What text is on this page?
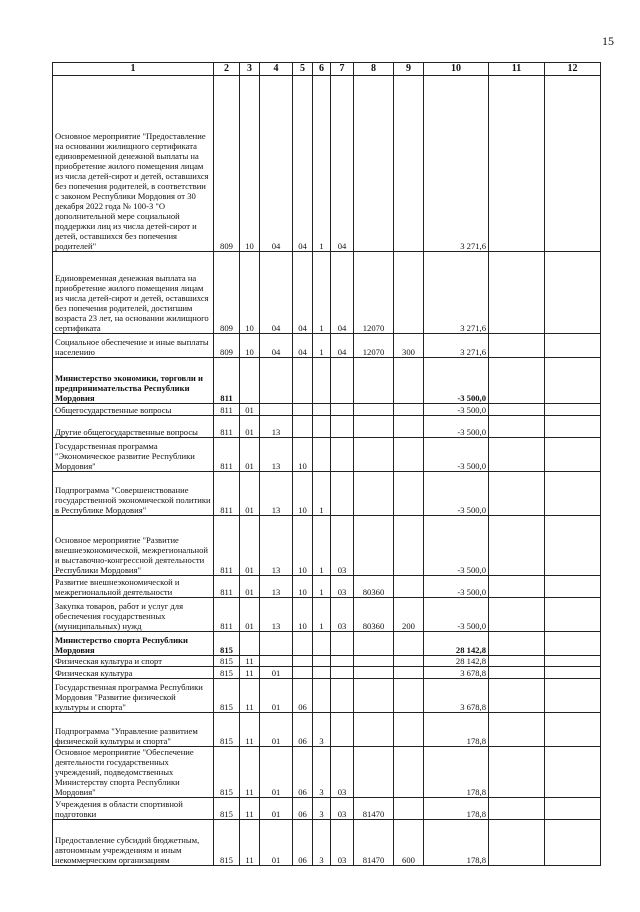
15
1	2	3	4	5	6	7	8	9	10	11	12
Основное мероприятие "Предоставление на основании жилищного сертификата единовременной денежной выплаты на приобретение жилого помещения лицам из числа детей-сирот и детей, оставшихся без попечения родителей, в соответствии с законом Республики Мордовия от 30 декабря 2022 года № 100-З "О дополнительной мере социальной поддержки лиц из числа детей-сирот и детей, оставшихся без попечения родителей"	809	10	04	04	1	04			3 271,6		
Единовременная денежная выплата на приобретение жилого помещения лицам из числа детей-сирот и детей, оставшихся без попечения родителей, достигшим возраста 23 лет, на основании жилищного сертификата	809	10	04	04	1	04	12070		3 271,6		
Социальное обеспечение и иные выплаты населению	809	10	04	04	1	04	12070	300	3 271,6		
Министерство экономики, торговли и предпринимательства Республики Мордовия	811								-3 500,0		
Общегосударственные вопросы	811	01							-3 500,0		
Другие общегосударственные вопросы	811	01	13						-3 500,0		
Государственная программа "Экономическое развитие Республики Мордовия"	811	01	13	10					-3 500,0		
Подпрограмма "Совершенствование государственной экономической политики в Республике Мордовия"	811	01	13	10	1				-3 500,0		
Основное мероприятие "Развитие внешнеэкономической, межрегиональной и выставочно-конгрессной деятельности Республики Мордовия"	811	01	13	10	1	03			-3 500,0		
Развитие внешнеэкономической и межрегиональной деятельности	811	01	13	10	1	03	80360		-3 500,0		
Закупка товаров, работ и услуг для обеспечения государственных (муниципальных) нужд	811	01	13	10	1	03	80360	200	-3 500,0		
Министерство спорта Республики Мордовия	815								28 142,8		
Физическая культура и спорт	815	11							28 142,8		
Физическая культура	815	11	01						3 678,8		
Государственная программа Республики Мордовия "Развитие физической культуры и спорта"	815	11	01	06					3 678,8		
Подпрограмма "Управление развитием физической культуры и спорта"	815	11	01	06	3				178,8		
Основное мероприятие "Обеспечение деятельности государственных учреждений, подведомственных Министерству спорта Республики Мордовия"	815	11	01	06	3	03			178,8		
Учреждения в области спортивной подготовки	815	11	01	06	3	03	81470		178,8		
Предоставление субсидий бюджетным, автономным учреждениям и иным некоммерческим организациям	815	11	01	06	3	03	81470	600	178,8		
